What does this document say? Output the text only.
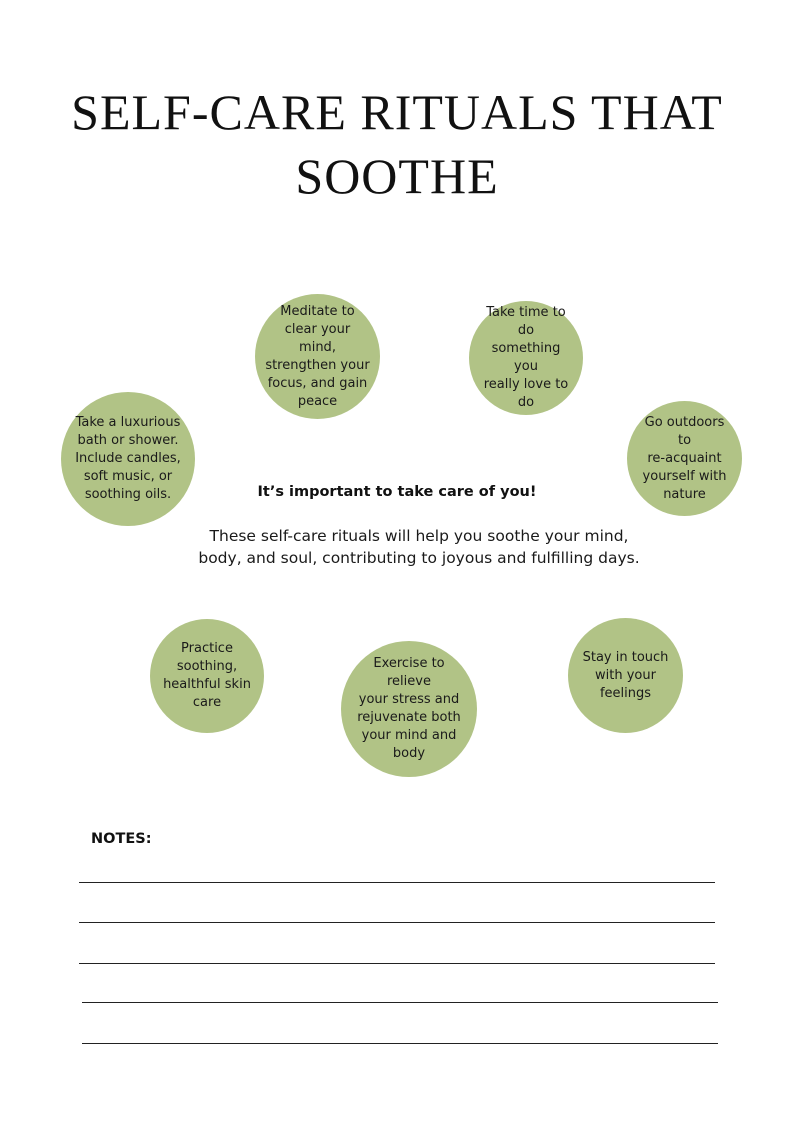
SELF-CARE RITUALS THAT
SOOTHE
Meditate to
clear your mind,
strengthen your
focus, and gain
peace
Take time to do
something you
really love to do
Take a luxurious
bath or shower.
Include candles,
soft music, or
soothing oils.
Go outdoors to
re-acquaint
yourself with
nature
Practice
soothing,
healthful skin
care
Exercise to relieve
your stress and
rejuvenate both
your mind and
body
Stay in touch
with your
feelings
It’s important to take care of you!
These self-care rituals will help you soothe your mind,
body, and soul, contributing to joyous and fulfilling days.
NOTES:
